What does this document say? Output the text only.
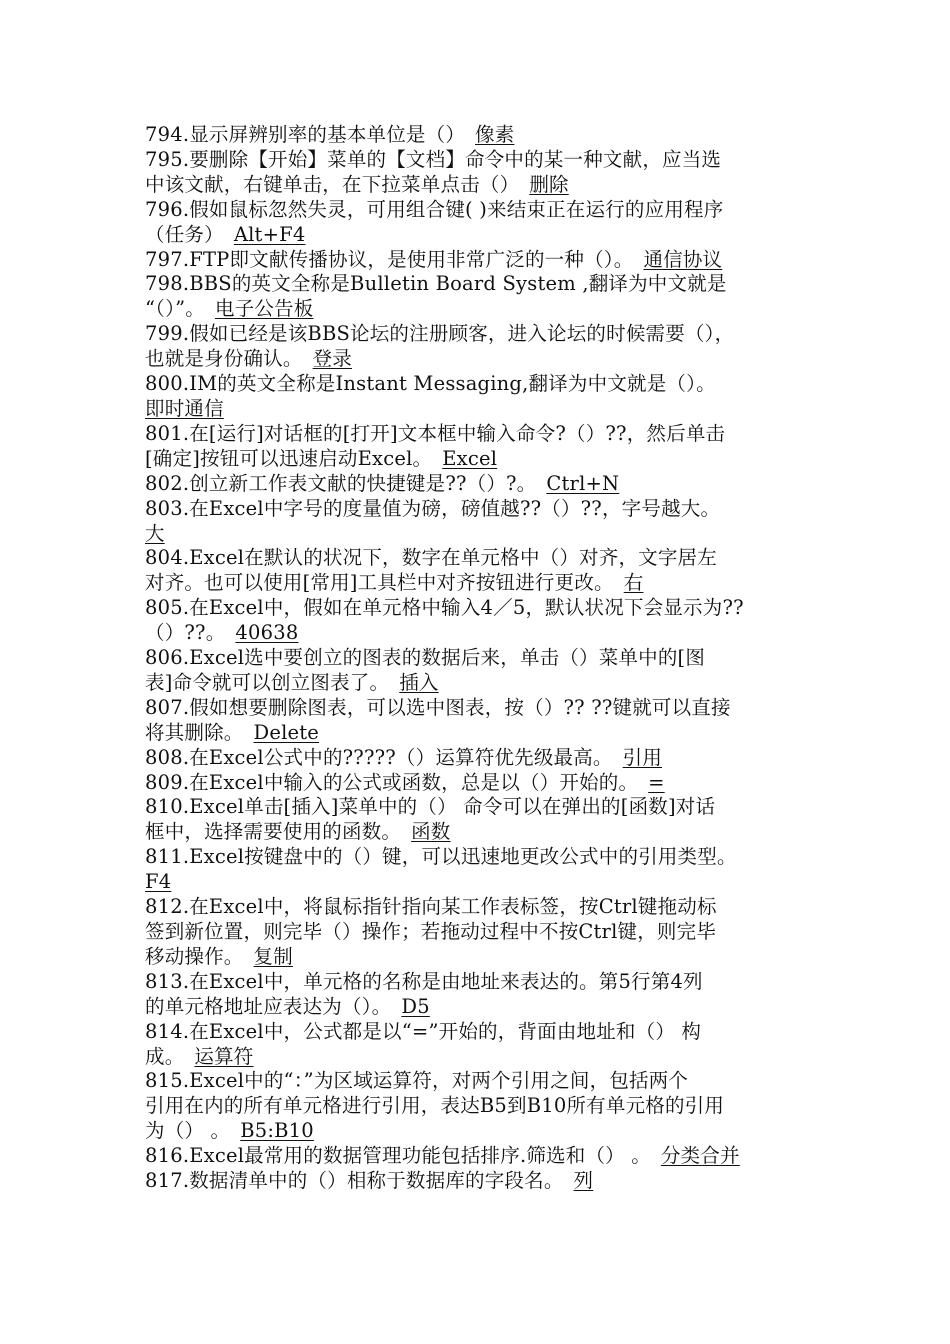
794.显示屏辨别率的基本单位是（） 像素
795.要删除【开始】菜单的【文档】命令中的某一种文献，应当选
中该文献，右键单击，在下拉菜单点击（） 删除
796.假如鼠标忽然失灵，可用组合键( )来结束正在运行的应用程序
（任务） Alt+F4
797.FTP即文献传播协议，是使用非常广泛的一种（）。 通信协议
798.BBS的英文全称是Bulletin Board System ,翻译为中文就是
“（）”。 电子公告板
799.假如已经是该BBS论坛的注册顾客，进入论坛的时候需要（），
也就是身份确认。 登录
800.IM的英文全称是Instant Messaging,翻译为中文就是（）。
即时通信
801.在[运行]对话框的[打开]文本框中输入命令?（）??，然后单击
[确定]按钮可以迅速启动Excel。 Excel
802.创立新工作表文献的快捷键是??（）?。 Ctrl+N
803.在Excel中字号的度量值为磅，磅值越??（）??，字号越大。
大
804.Excel在默认的状况下，数字在单元格中（）对齐，文字居左
对齐。也可以使用[常用]工具栏中对齐按钮进行更改。 右
805.在Excel中，假如在单元格中输入4／5，默认状况下会显示为??
（）??。 40638
806.Excel选中要创立的图表的数据后来，单击（）菜单中的[图
表]命令就可以创立图表了。 插入
807.假如想要删除图表，可以选中图表，按（）?? ??键就可以直接
将其删除。 Delete
808.在Excel公式中的?????（）运算符优先级最高。 引用
809.在Excel中输入的公式或函数，总是以（）开始的。 =
810.Excel单击[插入]菜单中的（） 命令可以在弹出的[函数]对话
框中，选择需要使用的函数。 函数
811.Excel按键盘中的（）键，可以迅速地更改公式中的引用类型。
F4
812.在Excel中，将鼠标指针指向某工作表标签，按Ctrl键拖动标
签到新位置，则完毕（）操作；若拖动过程中不按Ctrl键，则完毕
移动操作。 复制
813.在Excel中，单元格的名称是由地址来表达的。第5行第4列
的单元格地址应表达为（）。 D5
814.在Excel中，公式都是以“=”开始的，背面由地址和（） 构
成。 运算符
815.Excel中的“：”为区域运算符，对两个引用之间，包括两个
引用在内的所有单元格进行引用，表达B5到B10所有单元格的引用
为（） 。 B5:B10
816.Excel最常用的数据管理功能包括排序.筛选和（） 。 分类合并
817.数据清单中的（）相称于数据库的字段名。 列
